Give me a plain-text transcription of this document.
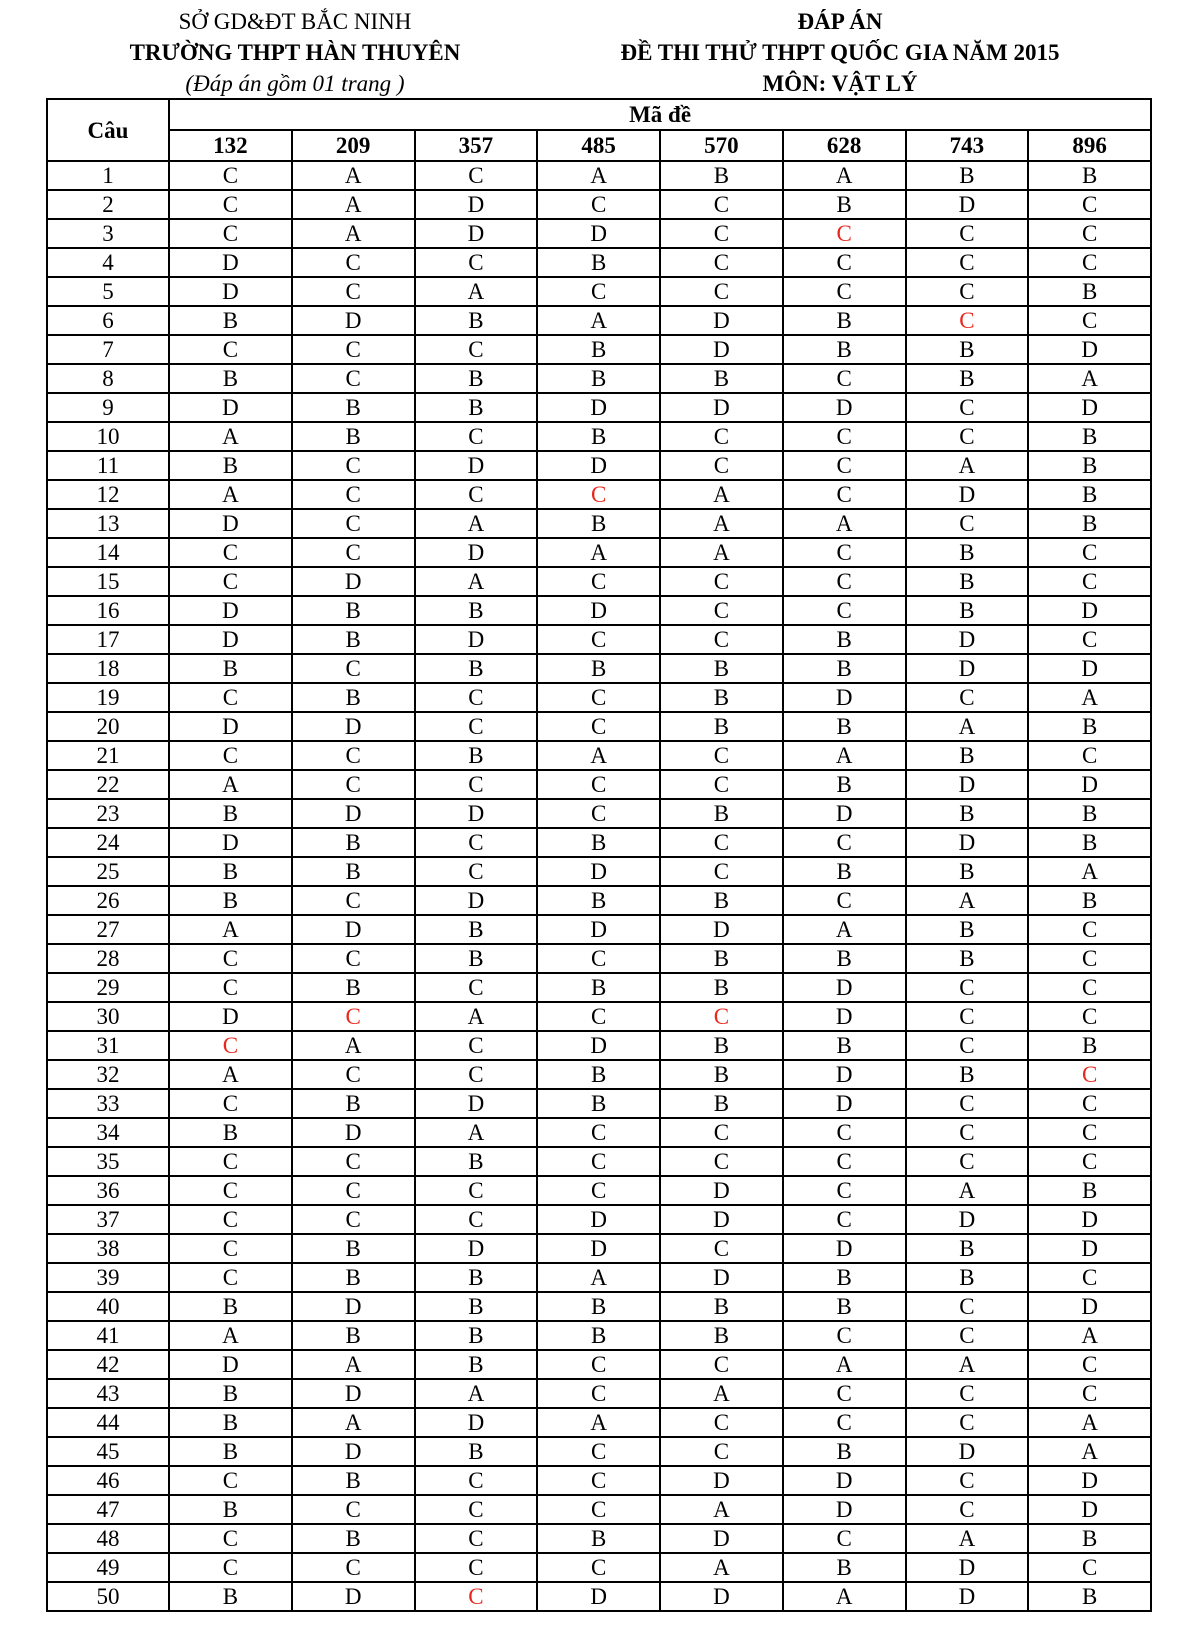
SỞ GD&ĐT BẮC NINH
TRƯỜNG THPT HÀN THUYÊN
(Đáp án gồm 01 trang )
ĐÁP ÁN
ĐỀ THI THỬ THPT QUỐC GIA NĂM 2015
MÔN: VẬT LÝ
Câu	Mã đề							
	132	209	357	485	570	628	743	896
1	C	A	C	A	B	A	B	B
2	C	A	D	C	C	B	D	C
3	C	A	D	D	C	C	C	C
4	D	C	C	B	C	C	C	C
5	D	C	A	C	C	C	C	B
6	B	D	B	A	D	B	C	C
7	C	C	C	B	D	B	B	D
8	B	C	B	B	B	C	B	A
9	D	B	B	D	D	D	C	D
10	A	B	C	B	C	C	C	B
11	B	C	D	D	C	C	A	B
12	A	C	C	C	A	C	D	B
13	D	C	A	B	A	A	C	B
14	C	C	D	A	A	C	B	C
15	C	D	A	C	C	C	B	C
16	D	B	B	D	C	C	B	D
17	D	B	D	C	C	B	D	C
18	B	C	B	B	B	B	D	D
19	C	B	C	C	B	D	C	A
20	D	D	C	C	B	B	A	B
21	C	C	B	A	C	A	B	C
22	A	C	C	C	C	B	D	D
23	B	D	D	C	B	D	B	B
24	D	B	C	B	C	C	D	B
25	B	B	C	D	C	B	B	A
26	B	C	D	B	B	C	A	B
27	A	D	B	D	D	A	B	C
28	C	C	B	C	B	B	B	C
29	C	B	C	B	B	D	C	C
30	D	C	A	C	C	D	C	C
31	C	A	C	D	B	B	C	B
32	A	C	C	B	B	D	B	C
33	C	B	D	B	B	D	C	C
34	B	D	A	C	C	C	C	C
35	C	C	B	C	C	C	C	C
36	C	C	C	C	D	C	A	B
37	C	C	C	D	D	C	D	D
38	C	B	D	D	C	D	B	D
39	C	B	B	A	D	B	B	C
40	B	D	B	B	B	B	C	D
41	A	B	B	B	B	C	C	A
42	D	A	B	C	C	A	A	C
43	B	D	A	C	A	C	C	C
44	B	A	D	A	C	C	C	A
45	B	D	B	C	C	B	D	A
46	C	B	C	C	D	D	C	D
47	B	C	C	C	A	D	C	D
48	C	B	C	B	D	C	A	B
49	C	C	C	C	A	B	D	C
50	B	D	C	D	D	A	D	B
